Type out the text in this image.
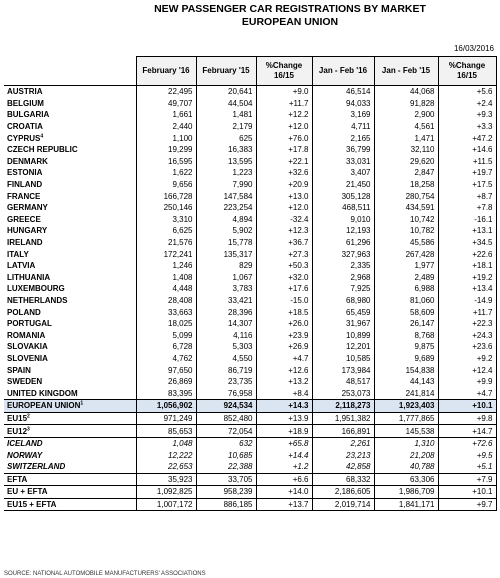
NEW PASSENGER CAR REGISTRATIONS BY MARKET
EUROPEAN UNION
16/03/2016
	February '16	February '15	%Change 16/15	Jan - Feb '16	Jan - Feb '15	%Change 16/15
AUSTRIA	22,495	20,641	+9.0	46,514	44,068	+5.6
BELGIUM	49,707	44,504	+11.7	94,033	91,828	+2.4
BULGARIA	1,661	1,481	+12.2	3,169	2,900	+9.3
CROATIA	2,440	2,179	+12.0	4,711	4,561	+3.3
CYPRUS$^4$	1,100	625	+76.0	2,165	1,471	+47.2
CZECH REPUBLIC	19,299	16,383	+17.8	36,799	32,110	+14.6
DENMARK	16,595	13,595	+22.1	33,031	29,620	+11.5
ESTONIA	1,622	1,223	+32.6	3,407	2,847	+19.7
FINLAND	9,656	7,990	+20.9	21,450	18,258	+17.5
FRANCE	166,728	147,584	+13.0	305,128	280,754	+8.7
GERMANY	250,146	223,254	+12.0	468,511	434,591	+7.8
GREECE	3,310	4,894	-32.4	9,010	10,742	-16.1
HUNGARY	6,625	5,902	+12.3	12,193	10,782	+13.1
IRELAND	21,576	15,778	+36.7	61,296	45,586	+34.5
ITALY	172,241	135,317	+27.3	327,963	267,428	+22.6
LATVIA	1,246	829	+50.3	2,335	1,977	+18.1
LITHUANIA	1,408	1,067	+32.0	2,968	2,489	+19.2
LUXEMBOURG	4,448	3,783	+17.6	7,925	6,988	+13.4
NETHERLANDS	28,408	33,421	-15.0	68,980	81,060	-14.9
POLAND	33,663	28,396	+18.5	65,459	58,609	+11.7
PORTUGAL	18,025	14,307	+26.0	31,967	26,147	+22.3
ROMANIA	5,099	4,116	+23.9	10,899	8,768	+24.3
SLOVAKIA	6,728	5,303	+26.9	12,201	9,875	+23.6
SLOVENIA	4,762	4,550	+4.7	10,585	9,689	+9.2
SPAIN	97,650	86,719	+12.6	173,984	154,838	+12.4
SWEDEN	26,869	23,735	+13.2	48,517	44,143	+9.9
UNITED KINGDOM	83,395	76,958	+8.4	253,073	241,814	+4.7
EUROPEAN UNION$^1$	1,056,902	924,534	+14.3	2,118,273	1,923,403	+10.1
$EU15^2$	971,249	852,480	+13.9	1,951,382	1,777,865	+9.8
$EU12^3$	85,653	72,054	+18.9	166,891	145,538	+14.7
ICELAND	1,048	632	+65.8	2,261	1,310	+72.6
NORWAY	12,222	10,685	+14.4	23,213	21,208	+9.5
SWITZERLAND	22,653	22,388	+1.2	42,858	40,788	+5.1
EFTA	35,923	33,705	+6.6	68,332	63,306	+7.9
EU + EFTA	1,092,825	958,239	+14.0	2,186,605	1,986,709	+10.1
EU15 + EFTA	1,007,172	886,185	+13.7	2,019,714	1,841,171	+9.7
SOURCE: NATIONAL AUTOMOBILE MANUFACTURERS' ASSOCIATIONS
